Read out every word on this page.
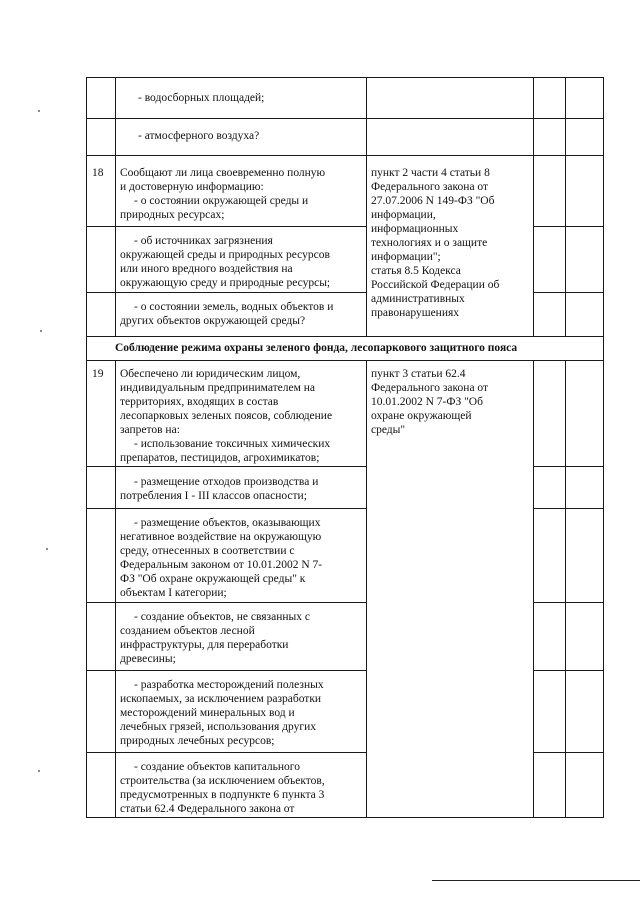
- водосборных площадей;
- атмосферного воздуха?
18 Сообщают ли лица своевременно полную
и достоверную информацию:
- о состоянии окружающей среды и
природных ресурсах;
- об источниках загрязнения
окружающей среды и природных ресурсов
или иного вредного воздействия на
окружающую среду и природные ресурсы;
- о состоянии земель, водных объектов и
других объектов окружающей среды?
пункт 2 части 4 статьи 8
Федерального закона от
27.07.2006 N 149-ФЗ "Об
информации,
информационных
технологиях и о защите
информации";
статья 8.5 Кодекса
Российской Федерации об
административных
правонарушениях
Соблюдение режима охраны зеленого фонда, лесопаркового защитного пояса
19 Обеспечено ли юридическим лицом,
индивидуальным предпринимателем на
территориях, входящих в состав
лесопарковых зеленых поясов, соблюдение
запретов на:
- использование токсичных химических
препаратов, пестицидов, агрохимикатов;
пункт 3 статьи 62.4
Федерального закона от
10.01.2002 N 7-ФЗ "Об
охране окружающей
среды"
- размещение отходов производства и
потребления I - III классов опасности;
- размещение объектов, оказывающих
негативное воздействие на окружающую
среду, отнесенных в соответствии с
Федеральным законом от 10.01.2002 N 7-
ФЗ "Об охране окружающей среды" к
объектам I категории;
- создание объектов, не связанных с
созданием объектов лесной
инфраструктуры, для переработки
древесины;
- разработка месторождений полезных
ископаемых, за исключением разработки
месторождений минеральных вод и
лечебных грязей, использования других
природных лечебных ресурсов;
- создание объектов капитального
строительства (за исключением объектов,
предусмотренных в подпункте 6 пункта 3
статьи 62.4 Федерального закона от
